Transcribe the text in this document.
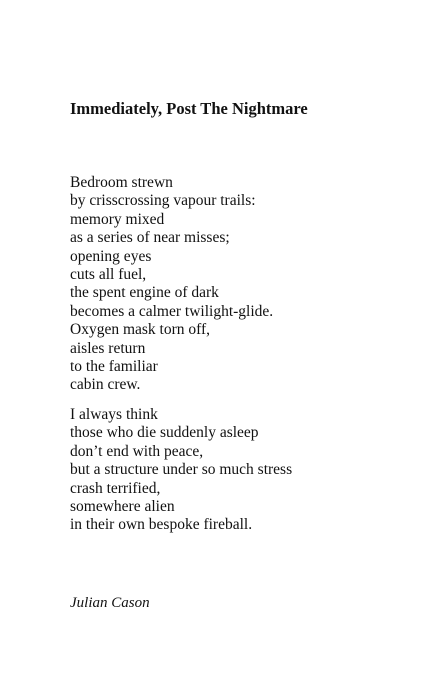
Immediately, Post The Nightmare
Bedroom strewn
by crisscrossing vapour trails:
memory mixed
as a series of near misses;
opening eyes
cuts all fuel,
the spent engine of dark
becomes a calmer twilight-glide.
Oxygen mask torn off,
aisles return
to the familiar
cabin crew.
I always think
those who die suddenly asleep
don’t end with peace,
but a structure under so much stress
crash terrified,
somewhere alien
in their own bespoke fireball.
Julian Cason
